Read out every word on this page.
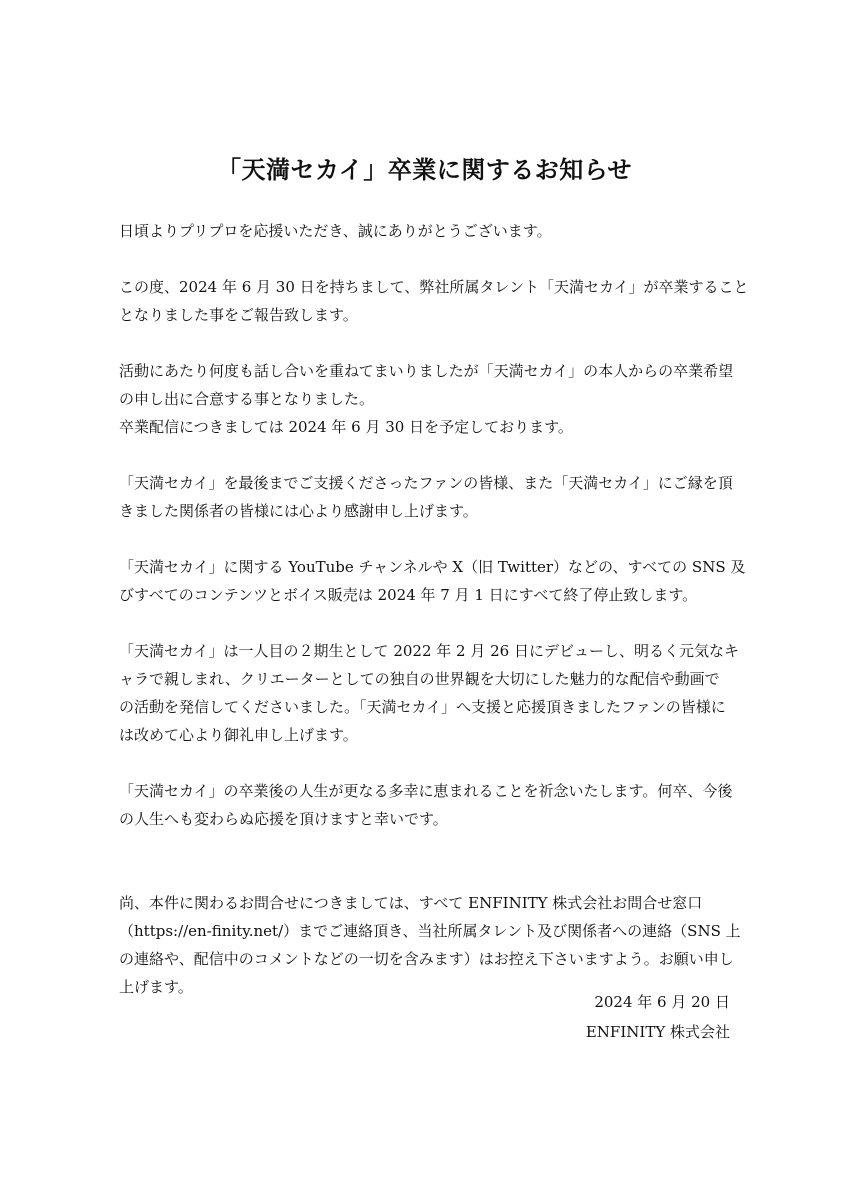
「天満セカイ」卒業に関するお知らせ

日頃よりプリプロを応援いただき、誠にありがとうございます。

この度、2024 年 6 月 30 日を持ちまして、弊社所属タレント「天満セカイ」が卒業すること
となりました事をご報告致します。

活動にあたり何度も話し合いを重ねてまいりましたが「天満セカイ」の本人からの卒業希望
の申し出に合意する事となりました。
卒業配信につきましては 2024 年 6 月 30 日を予定しております。

「天満セカイ」を最後までご支援くださったファンの皆様、また「天満セカイ」にご縁を頂
きました関係者の皆様には心より感謝申し上げます。

「天満セカイ」に関する YouTube チャンネルや X（旧 Twitter）などの、すべての SNS 及
びすべてのコンテンツとボイス販売は 2024 年 7 月 1 日にすべて終了停止致します。

「天満セカイ」は一人目の２期生として 2022 年 2 月 26 日にデビューし、明るく元気なキ
ャラで親しまれ、クリエーターとしての独自の世界観を大切にした魅力的な配信や動画で
の活動を発信してくださいました。「天満セカイ」へ支援と応援頂きましたファンの皆様に
は改めて心より御礼申し上げます。

「天満セカイ」の卒業後の人生が更なる多幸に恵まれることを祈念いたします。何卒、今後
の人生へも変わらぬ応援を頂けますと幸いです。

尚、本件に関わるお問合せにつきましては、すべて ENFINITY 株式会社お問合せ窓口
（https://en-finity.net/）までご連絡頂き、当社所属タレント及び関係者への連絡（SNS 上
の連絡や、配信中のコメントなどの一切を含みます）はお控え下さいますよう。お願い申し
上げます。

2024 年 6 月 20 日
ENFINITY 株式会社
